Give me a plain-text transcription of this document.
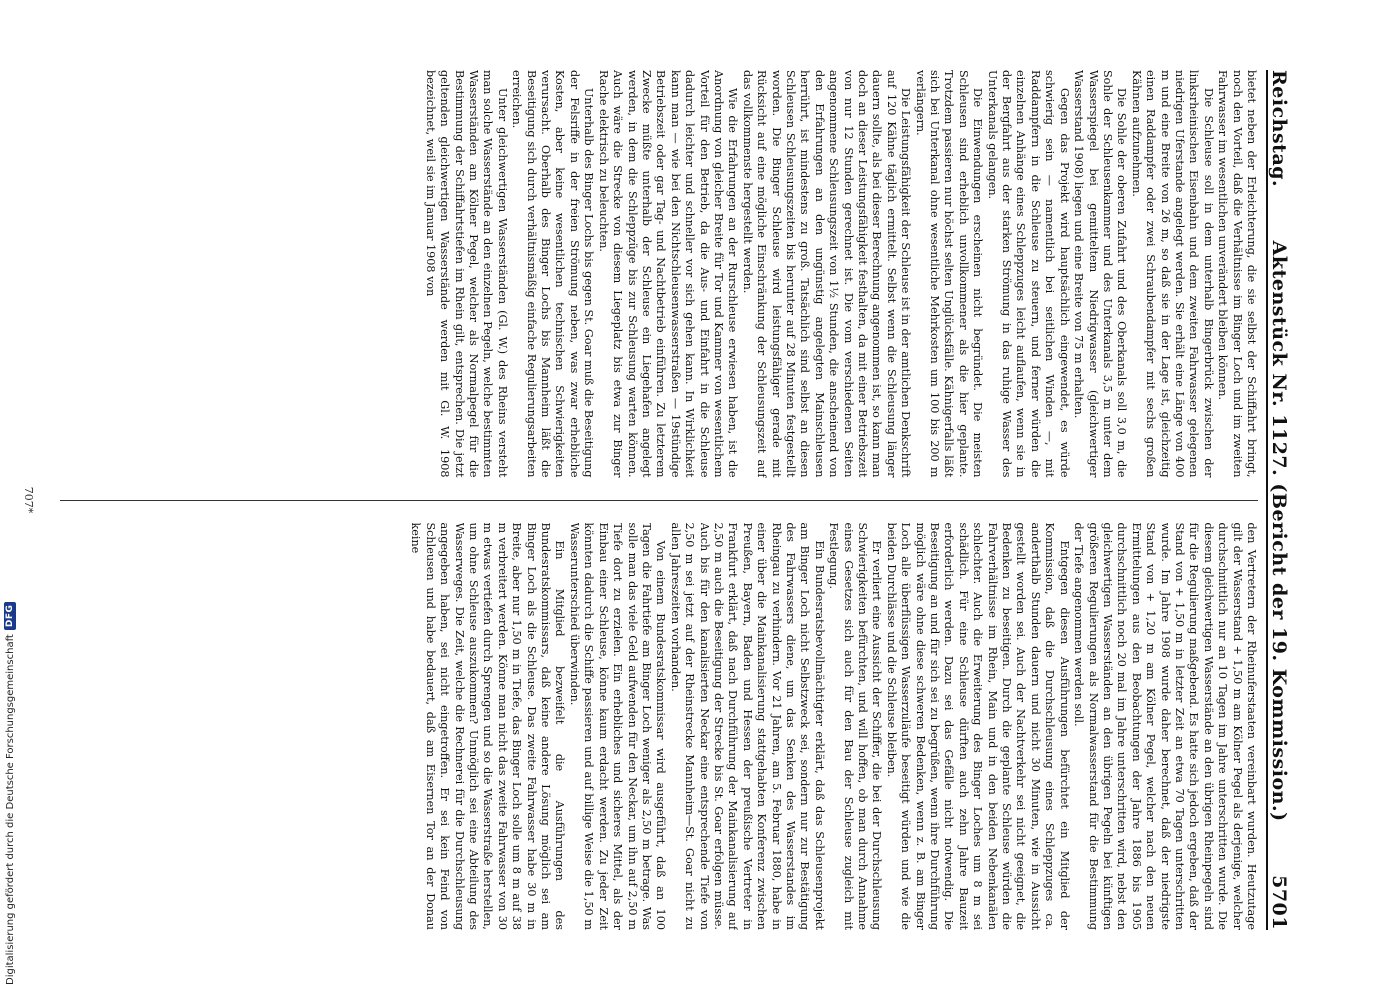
Reichstag.
Aktenstück Nr. 1127. (Bericht der 19. Kommission.)
5701

bietet neben der Erleichterung, die sie selbst der Schiffahrt bringt, noch den Vorteil, daß die Verhältnisse im Binger Loch und im zweiten Fahrwasser im wesentlichen unverändert bleiben können.

Die Schleuse soll in dem unterhalb Bingerbrück zwischen der linksrheinischen Eisenbahn und dem zweiten Fahrwasser gelegenen niedrigen Uferstande angelegt werden. Sie erhält eine Länge von 400 m und eine Breite von 26 m, so daß sie in der Lage ist, gleichzeitig einen Raddampfer oder zwei Schraubendampfer mit sechs großen Kähnen aufzunehmen.

Die Sohle der oberen Zufahrt und des Oberkanals soll 3,0 m, die Sohle der Schleusenkammer und des Unterkanals 3,5 m unter dem Wasserspiegel bei gemitteltem Niedrigwasser (gleichwertiger Wasserstand 1908) liegen und eine Breite von 75 m erhalten.

Gegen das Projekt wird hauptsächlich eingewendet, es würde schwierig sein — namentlich bei seitlichen Winden —, mit Raddampfern in die Schleuse zu steuern, und ferner würden die einzelnen Anhänge eines Schleppzuges leicht auflaufen, wenn sie in der Bergfahrt aus der starken Strömung in das ruhige Wasser des Unterkanals gelangen.

Die Einwendungen erscheinen nicht begründet. Die meisten Schleusen sind erheblich unvollkommener als die hier geplante. Trotzdem passieren nur höchst selten Unglücksfälle. Kähnigerfalls läßt sich bei Unterkanal ohne wesentliche Mehrkosten um 100 bis 200 m verlängern.

Die Leistungsfähigkeit der Schleuse ist in der amtlichen Denkschrift auf 120 Kähne täglich ermittelt. Selbst wenn die Schleusung länger dauern sollte, als bei dieser Berechnung angenommen ist, so kann man doch an dieser Leistungsfähigkeit festhalten, da mit einer Betriebszeit von nur 12 Stunden gerechnet ist. Die vom verschiedenen Seiten angenommene Schleusungszeit von 1½ Stunden, die anscheinend von den Erfahrungen an den ungünstig angelegten Mainschleusen herrührt, ist mindestens zu groß. Tatsächlich sind selbst an diesen Schleusen Schleusungszeiten bis herunter auf 28 Minuten festgestellt worden. Die Binger Schleuse wird leistungsfähiger gerade mit Rücksicht auf eine mögliche Einschränkung der Schleusungszeit auf das vollkommenste hergestellt werden.

Wie die Erfahrungen an der Rurschleuse erwiesen haben, ist die Anordnung von gleicher Breite für Tor und Kammer von wesentlichem Vorteil für den Betrieb, da die Aus- und Einfahrt in die Schleuse dadurch leichter und schneller vor sich gehen kann. In Wirklichkeit kann man — wie bei den Nichtschleusenwasserstraßen — 19stündige Betriebszeit oder gar Tag- und Nachtbetrieb einführen. Zu letzterem Zwecke müßte unterhalb der Schleuse ein Liegehafen angelegt werden, in dem die Schleppzüge bis zur Schleusung warten können. Auch wäre die Strecke von diesem Liegeplatz bis etwa zur Binger Rache elektrisch zu beleuchten.

Unterhalb des Binger Lochs bis gegen St. Goar muß die Beseitigung der Felsriffe in der freien Strömung neben, was zwar erhebliche Kosten, aber keine wesentlichen technischen Schwierigkeiten verursacht. Oberhalb des Binger Lochs bis Mannheim läßt die Beseitigung sich durch verhältnismäßig einfache Regulierungsarbeiten erreichen.

Unter gleichwertigen Wasserständen (Gl. W.) des Rheins versteht man solche Wasserstände an den einzelnen Pegeln, welche bestimmten Wasserständen am Kölner Pegel, welcher als Normalpegel für die Bestimmung der Schiffahrtstiefen im Rhein gilt, entsprechen. Die jetzt geltenden gleichwertigen Wasserstände werden mit Gl. W. 1908 bezeichnet, weil sie im Januar 1908 von

den Vertretern der Rheinuferstaaten vereinbart wurden. Heutzutage gilt der Wasserstand + 1,50 m am Kölner Pegel als derjenige, welcher durchschnittlich nur an 10 Tagen im Jahre unterschritten wurde. Die diesem gleichwertigen Wasserstände an den übrigen Rheinpegeln sind für die Regulierung maßgebend. Es hatte sich jedoch ergeben, daß der Stand von + 1,50 m in letzter Zeit an etwa 70 Tagen unterschritten wurde. Im Jahre 1908 wurde daher berechnet, daß der niedrigste Stand von + 1,20 m am Kölner Pegel, welcher nach den neuen Ermittelungen aus den Beobachtungen der Jahre 1886 bis 1905 durchschnittlich noch 20 mal im Jahre unterschritten wird, nebst den gleichwertigen Wasserständen an den übrigen Pegeln bei künftigen größeren Regulierungen als Normalwasserstand für die Bestimmung der Tiefe angenommen werden soll.

Entgegen diesen Ausführungen befürchtet ein Mitglied der Kommission, daß die Durchschleusung eines Schleppzuges ca. anderthalb Stunden dauern und nicht 30 Minuten, wie in Aussicht gestellt worden sei. Auch der Nachtverkehr sei nicht geeignet, die Bedenken zu beseitigen. Durch die geplante Schleuse würden die Fahrverhältnisse im Rhein, Main und in den beiden Nebenkanälen schlechter. Auch die Erweiterung des Binger Loches um 8 m sei schädlich. Für eine Schleuse dürften auch zehn Jahre Bauzeit erforderlich werden. Dazu sei das Gefälle nicht notwendig. Die Beseitigung an und für sich sei zu begrüßen, wenn ihre Durchführung möglich wäre ohne diese schweren Bedenken, wenn z. B. am Binger Loch alle überflüssigen Wasserzuläufe beseitigt würden und wie die beiden Durchlässe und die Schleuse bleiben.

Er verliert eine Aussicht der Schiffer, die bei der Durchschleusung Schwierigkeiten befürchten, und will hoffen, ob man durch Annahme eines Gesetzes sich auch für den Bau der Schleuse zugleich mit Festlegung.

Ein Bundesratsbevollmächtigter erklärt, daß das Schleusenprojekt am Binger Loch nicht Selbstzweck sei, sondern nur zur Bestätigung des Fahrwassers diene, um das Senken des Wasserstandes im Rheingau zu verhindern. Vor 21 Jahren, am 5. Februar 1880, habe in einer über die Mainkanalisierung stattgehabten Konferenz zwischen Preußen, Bayern, Baden und Hessen der preußische Vertreter in Frankfurt erklärt, daß nach Durchführung der Mainkanalisierung auf 2,50 m auch die Beseitigung der Strecke bis St. Goar erfolgen müsse. Auch bis für den kanalisierten Neckar eine entsprechende Tiefe von 2,50 m sei jetzt auf der Rheinstrecke Mannheim—St. Goar nicht zu allen Jahreszeiten vorhanden.

Von einem Bundesratskommissar wird ausgeführt, daß an 100 Tagen die Fahrtiefe am Binger Loch weniger als 2,50 m betrage. Was solle man das viele Geld aufwenden für den Neckar, um ihn auf 2,50 m Tiefe dort zu erzielen. Ein erhebliches und sicheres Mittel, als der Einbau einer Schleuse, könne kaum erdacht werden. Zu jeder Zeit könnten dadurch die Schiffe passieren und auf billige Weise die 1,50 m Wasserunterschied überwinden.

Ein Mitglied bezweifelt die Ausführungen des Bundesratskommissars, daß keine andere Lösung möglich sei am Binger Loch als die Schleuse. Das zweite Fahrwasser habe 30 m in Breite, aber nur 1,50 m in Tiefe, das Binger Loch solle um 8 m auf 38 m verbreitert werden. Könne man nicht das zweite Fahrwasser von 30 m etwas vertiefen durch Sprengen und so die Wasserstraße herstellen, um ohne Schleuse auszukommen? Unmöglich sei eine Abteilung des Wasserweges. Die Zeit, welche die Rechnerei für die Durchschleusung angegeben haben, sei nicht eingetroffen. Er sei kein Feind von Schleusen und habe bedauert, daß am Eisernen Tor an der Donau keine

707*
Digitalisierung gefördert durch die Deutsche Forschungsgemeinschaft
DFG
